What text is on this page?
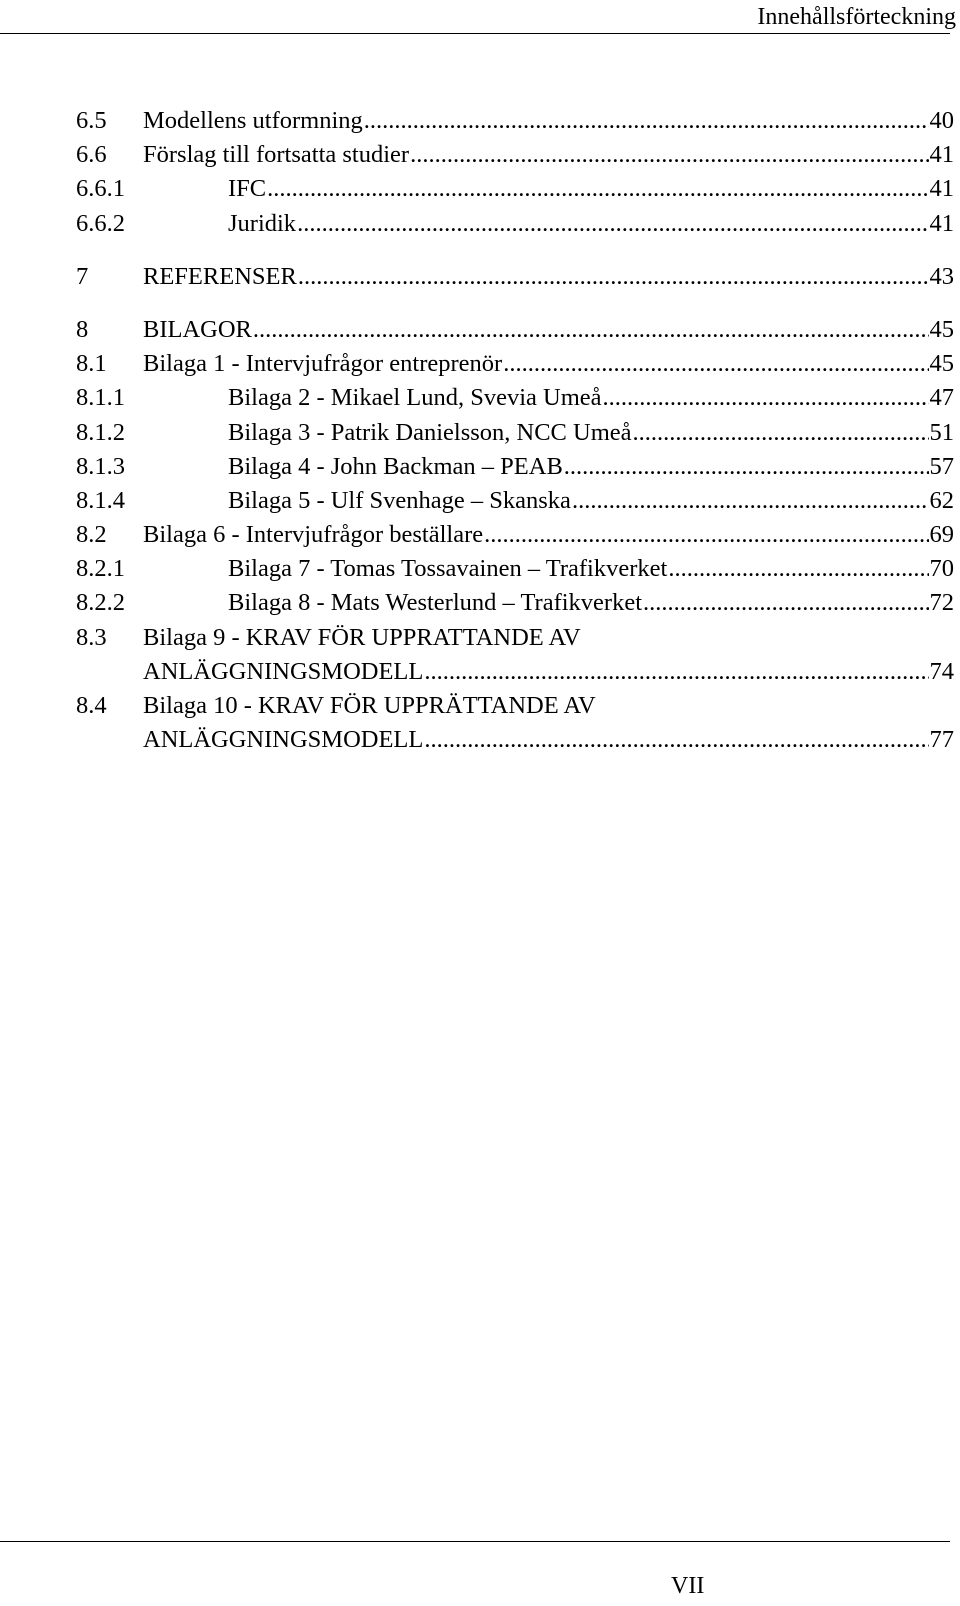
Innehållsförteckning
6.5	Modellens utformning .....	40
6.6	Förslag till fortsatta studier .....	41
6.6.1	IFC .....	41
6.6.2	Juridik .....	41
7	REFERENSER .....	43
8	BILAGOR .....	45
8.1	Bilaga 1 - Intervjufrågor entreprenör .....	45
8.1.1	Bilaga 2 - Mikael Lund, Svevia Umeå .....	47
8.1.2	Bilaga 3 - Patrik Danielsson, NCC Umeå .....	51
8.1.3	Bilaga 4 - John Backman – PEAB .....	57
8.1.4	Bilaga 5 - Ulf Svenhage – Skanska .....	62
8.2	Bilaga 6 - Intervjufrågor beställare .....	69
8.2.1	Bilaga 7 - Tomas Tossavainen – Trafikverket .....	70
8.2.2	Bilaga 8 - Mats Westerlund – Trafikverket .....	72
8.3	Bilaga 9 - KRAV FÖR UPPRATTANDE AV
ANLÄGGNINGSMODELL .....	74
8.4	Bilaga 10 - KRAV FÖR UPPRÄTTANDE AV
ANLÄGGNINGSMODELL .....	77
VII
